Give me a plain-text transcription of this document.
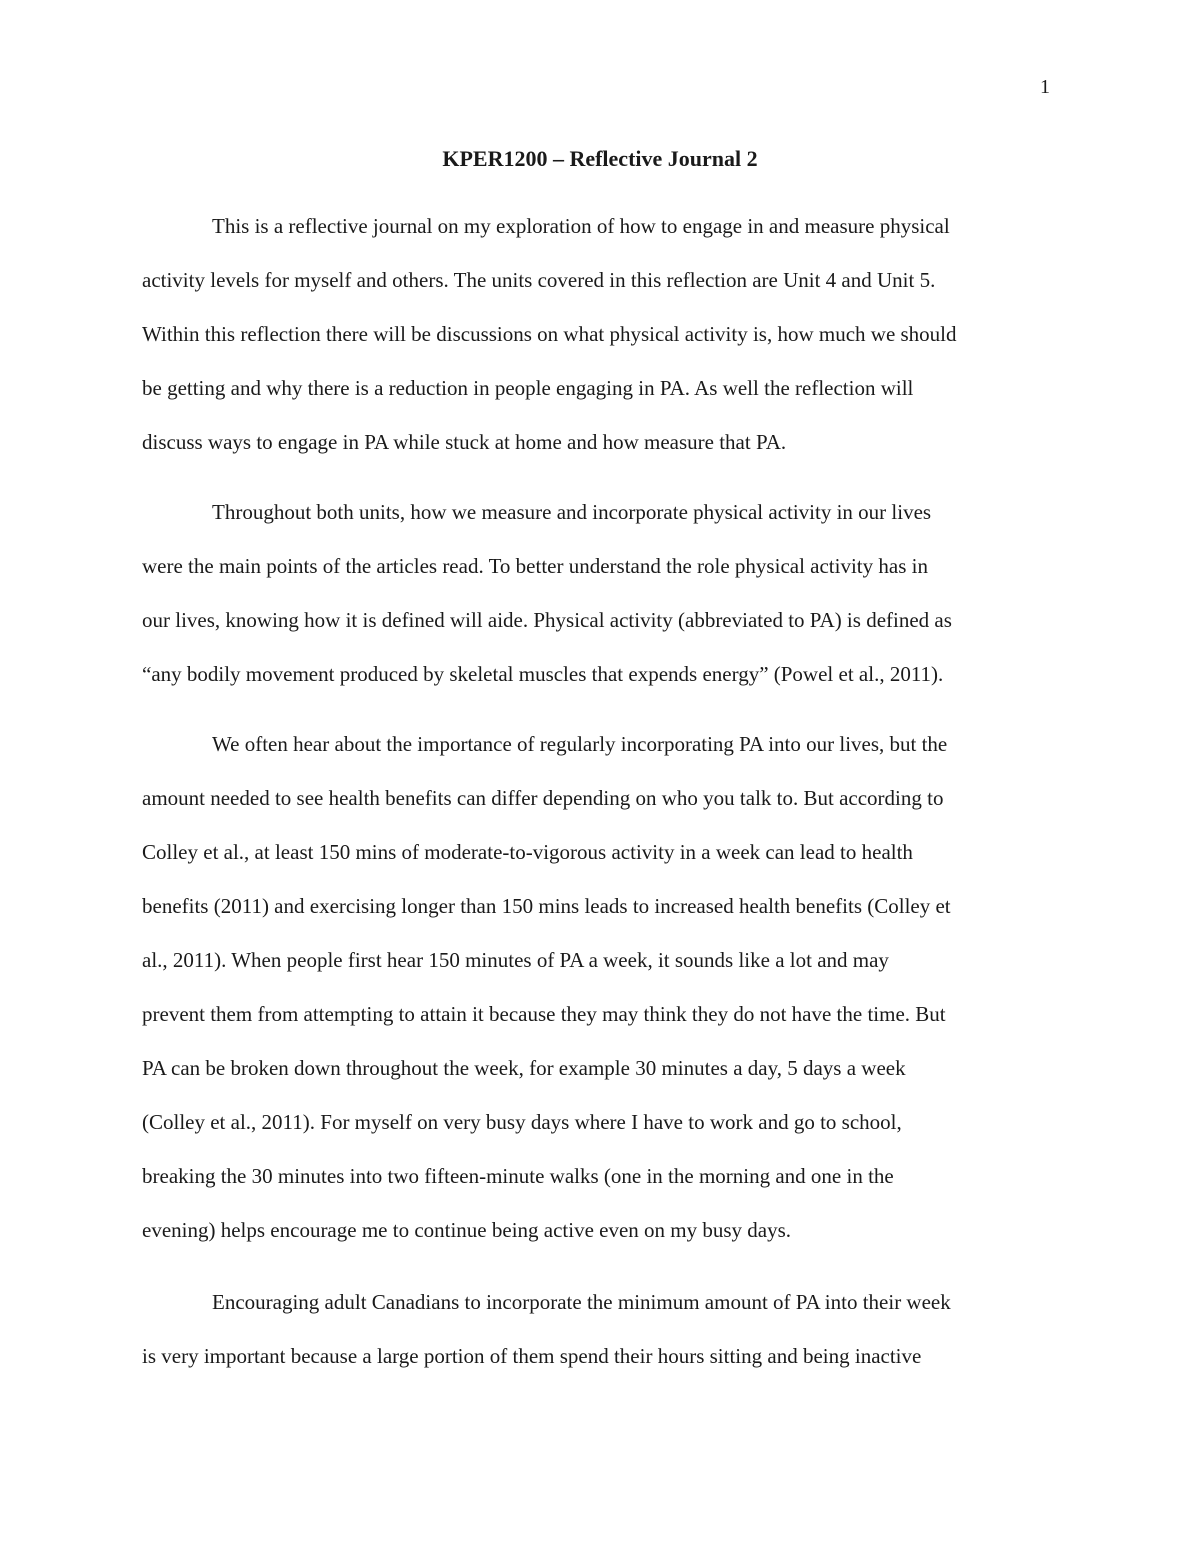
1
KPER1200 – Reflective Journal 2
This is a reflective journal on my exploration of how to engage in and measure physical
activity levels for myself and others. The units covered in this reflection are Unit 4 and Unit 5.
Within this reflection there will be discussions on what physical activity is, how much we should
be getting and why there is a reduction in people engaging in PA. As well the reflection will
discuss ways to engage in PA while stuck at home and how measure that PA.
Throughout both units, how we measure and incorporate physical activity in our lives
were the main points of the articles read. To better understand the role physical activity has in
our lives, knowing how it is defined will aide. Physical activity (abbreviated to PA) is defined as
“any bodily movement produced by skeletal muscles that expends energy” (Powel et al., 2011).
We often hear about the importance of regularly incorporating PA into our lives, but the
amount needed to see health benefits can differ depending on who you talk to. But according to
Colley et al., at least 150 mins of moderate-to-vigorous activity in a week can lead to health
benefits (2011) and exercising longer than 150 mins leads to increased health benefits (Colley et
al., 2011). When people first hear 150 minutes of PA a week, it sounds like a lot and may
prevent them from attempting to attain it because they may think they do not have the time. But
PA can be broken down throughout the week, for example 30 minutes a day, 5 days a week
(Colley et al., 2011). For myself on very busy days where I have to work and go to school,
breaking the 30 minutes into two fifteen-minute walks (one in the morning and one in the
evening) helps encourage me to continue being active even on my busy days.
Encouraging adult Canadians to incorporate the minimum amount of PA into their week
is very important because a large portion of them spend their hours sitting and being inactive
